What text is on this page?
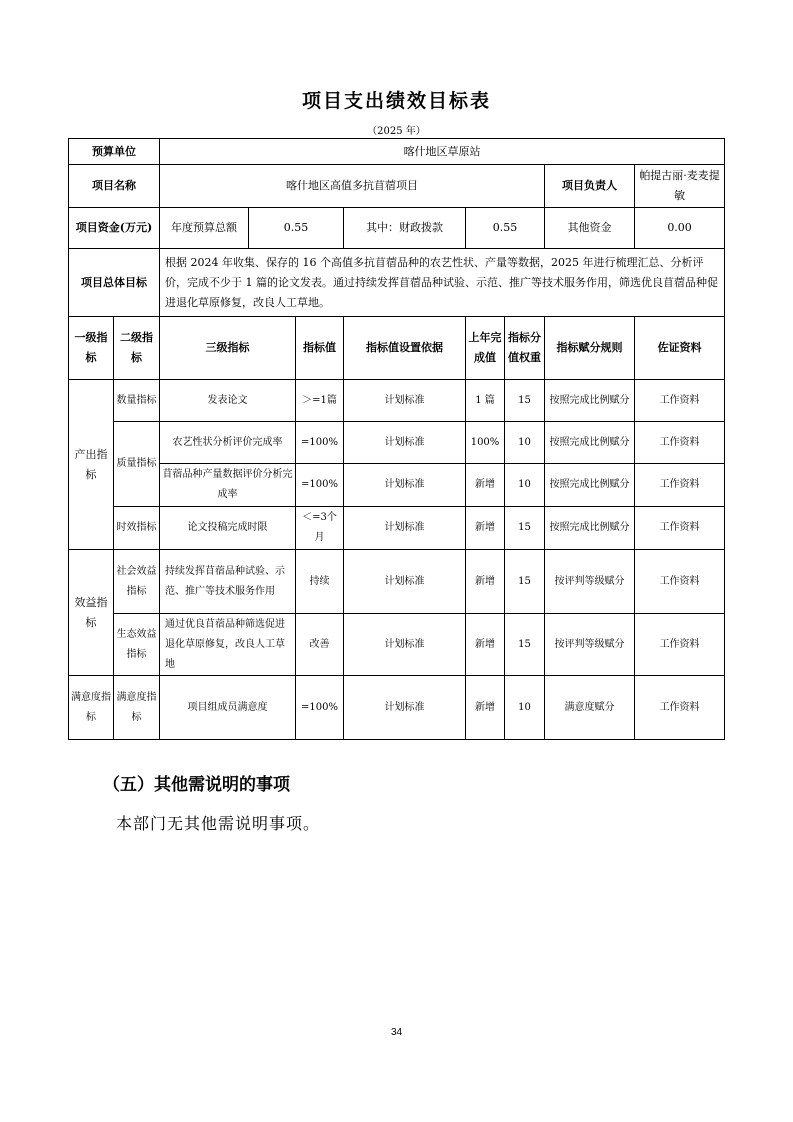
项目支出绩效目标表
（2025 年）
预算单位		喀什地区草原站							
项目名称		喀什地区高值多抗苜蓿项目						项目负责人	帕提古丽·麦麦提敏
项目资金(万元)		年度预算总额	0.55		其中：财政拨款	0.55		其他资金	0.00
项目总体目标		根据 2024 年收集、保存的 16 个高值多抗苜蓿品种的农艺性状、产量等数据，2025 年进行梳理汇总、分析评价，完成不少于 1 篇的论文发表。通过持续发挥苜蓿品种试验、示范、推广等技术服务作用，筛选优良苜蓿品种促进退化草原修复，改良人工草地。							
一级指标	二级指标	三级指标		指标值	指标值设置依据	上年完成值	指标分值权重	指标赋分规则	佐证资料
产出指标	数量指标	发表论文		＞=1篇	计划标准	1 篇	15	按照完成比例赋分	工作资料
	质量指标	农艺性状分析评价完成率		=100%	计划标准	100%	10	按照完成比例赋分	工作资料
		苜蓿品种产量数据评价分析完成率		=100%	计划标准	新增	10	按照完成比例赋分	工作资料
	时效指标	论文投稿完成时限		＜=3个月	计划标准	新增	15	按照完成比例赋分	工作资料
效益指标	社会效益指标	持续发挥苜蓿品种试验、示范、推广等技术服务作用		持续	计划标准	新增	15	按评判等级赋分	工作资料
	生态效益指标	通过优良苜蓿品种筛选促进退化草原修复，改良人工草地		改善	计划标准	新增	15	按评判等级赋分	工作资料
满意度指标	满意度指标	项目组成员满意度		=100%	计划标准	新增	10	满意度赋分	工作资料
（五）其他需说明的事项
本部门无其他需说明事项。
34
